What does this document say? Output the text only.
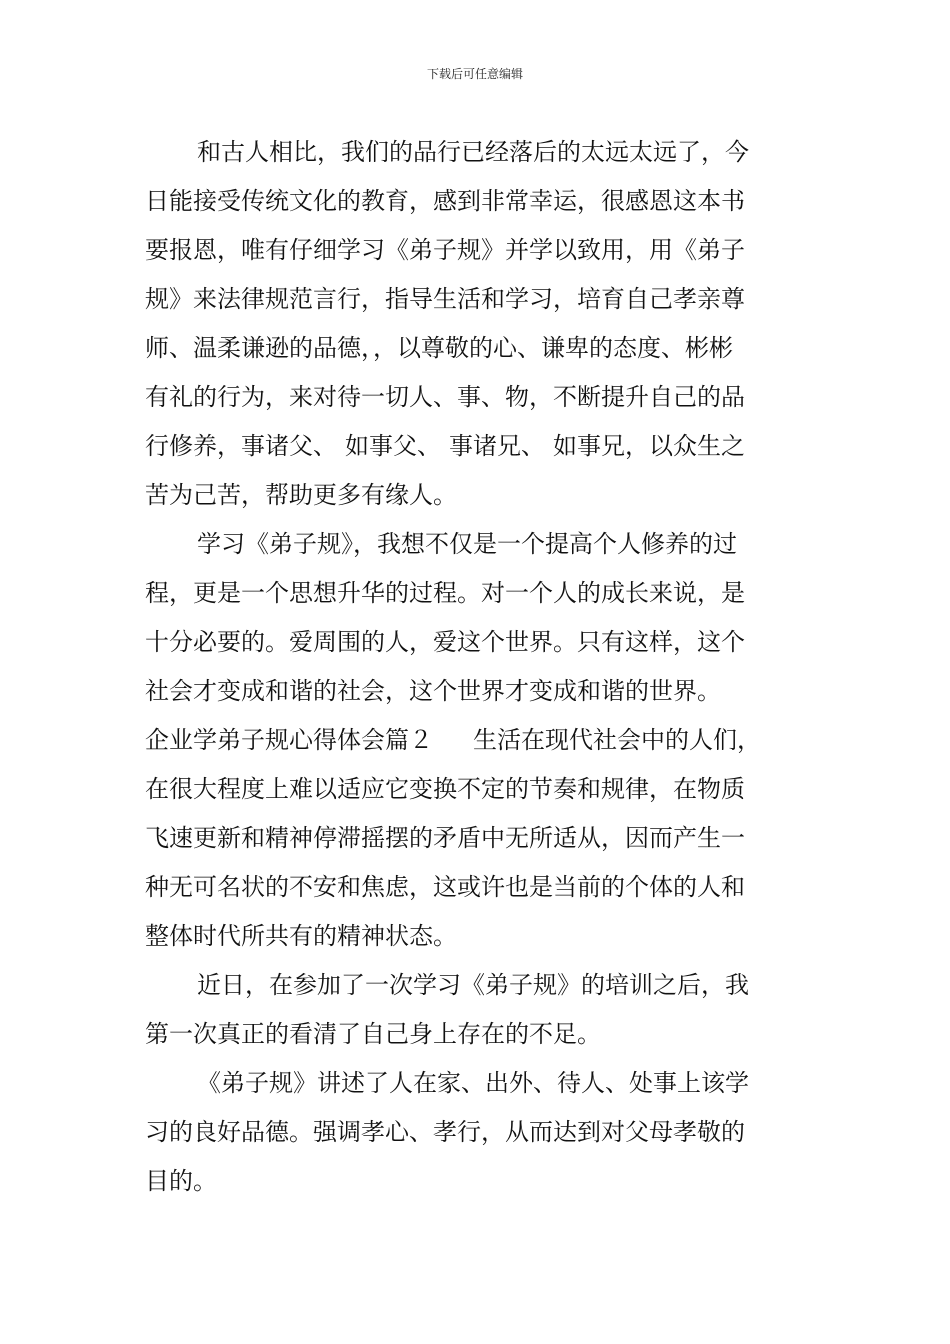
下载后可任意编辑
和古人相比，我们的品行已经落后的太远太远了，今
日能接受传统文化的教育，感到非常幸运，很感恩这本书
要报恩，唯有仔细学习《弟子规》并学以致用，用《弟子
规》来法律规范言行，指导生活和学习，培育自己孝亲尊
师、温柔谦逊的品德，，以尊敬的心、谦卑的态度、彬彬
有礼的行为，来对待一切人、事、物，不断提升自己的品
行修养，事诸父、 如事父、 事诸兄、 如事兄，以众生之
苦为己苦，帮助更多有缘人。
学习《弟子规》，我想不仅是一个提高个人修养的过
程，更是一个思想升华的过程。对一个人的成长来说，是
十分必要的。爱周围的人，爱这个世界。只有这样，这个
社会才变成和谐的社会，这个世界才变成和谐的世界。
企业学弟子规心得体会篇２ 生活在现代社会中的人们，
在很大程度上难以适应它变换不定的节奏和规律，在物质
飞速更新和精神停滞摇摆的矛盾中无所适从，因而产生一
种无可名状的不安和焦虑，这或许也是当前的个体的人和
整体时代所共有的精神状态。
近日，在参加了一次学习《弟子规》的培训之后，我
第一次真正的看清了自己身上存在的不足。
《弟子规》讲述了人在家、出外、待人、处事上该学
习的良好品德。强调孝心、孝行，从而达到对父母孝敬的
目的。
